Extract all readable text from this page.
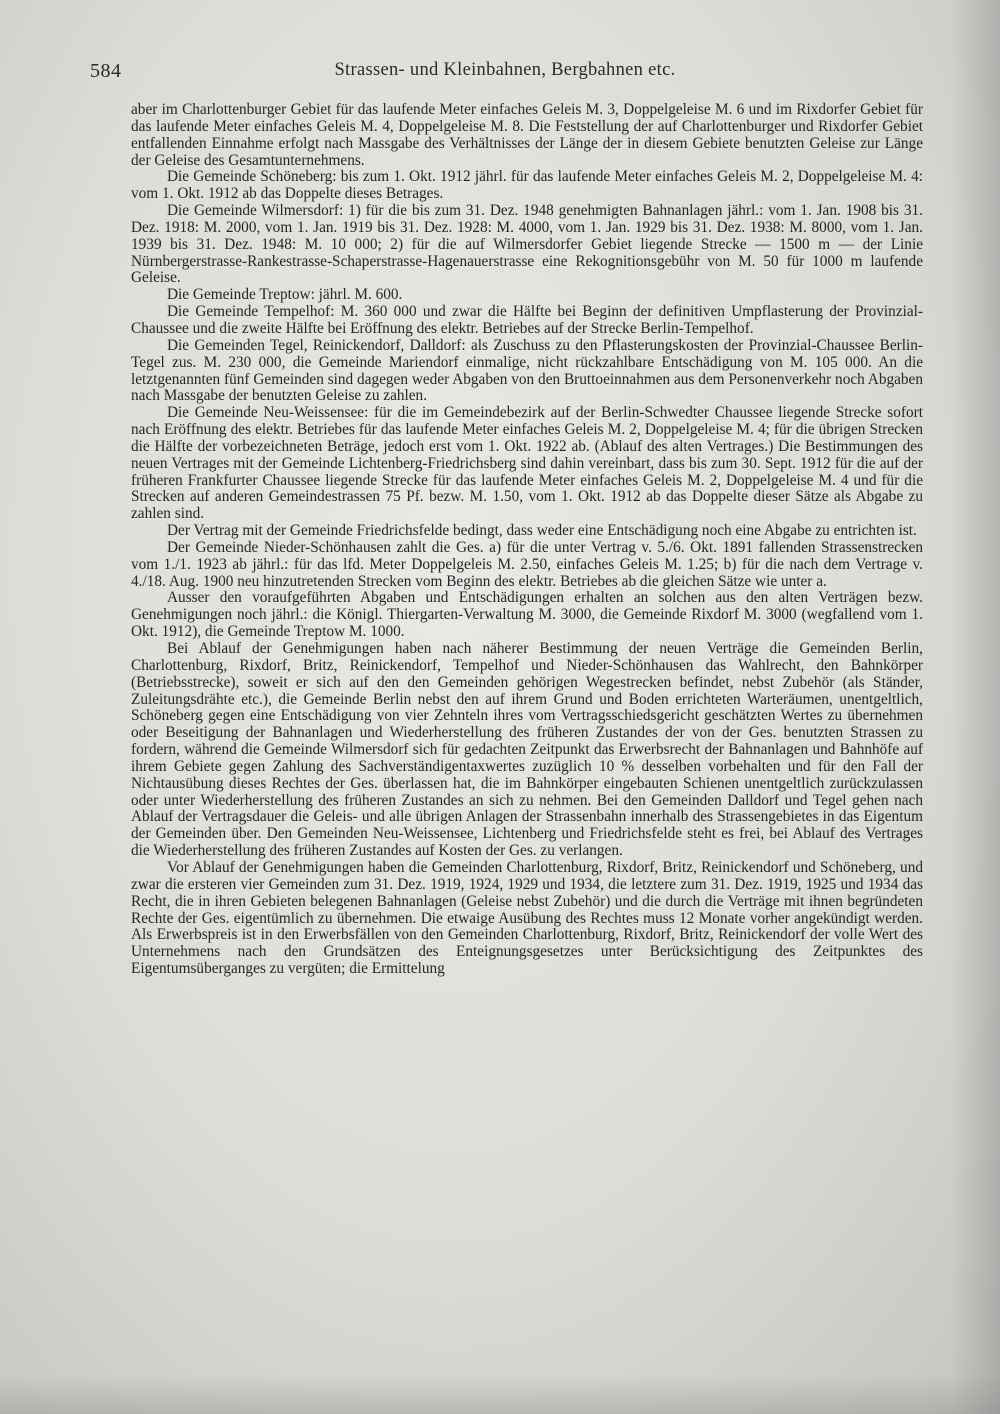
584	Strassen- und Kleinbahnen, Bergbahnen etc.

aber im Charlottenburger Gebiet für das laufende Meter einfaches Geleis M. 3, Doppelgeleise M. 6 und im Rixdorfer Gebiet für das laufende Meter einfaches Geleis M. 4, Doppelgeleise M. 8. Die Feststellung der auf Charlottenburger und Rixdorfer Gebiet entfallenden Einnahme erfolgt nach Massgabe des Verhältnisses der Länge der in diesem Gebiete benutzten Geleise zur Länge der Geleise des Gesamtunternehmens.

Die Gemeinde Schöneberg: bis zum 1. Okt. 1912 jährl. für das laufende Meter einfaches Geleis M. 2, Doppelgeleise M. 4: vom 1. Okt. 1912 ab das Doppelte dieses Betrages.

Die Gemeinde Wilmersdorf: 1) für die bis zum 31. Dez. 1948 genehmigten Bahnanlagen jährl.: vom 1. Jan. 1908 bis 31. Dez. 1918: M. 2000, vom 1. Jan. 1919 bis 31. Dez. 1928: M. 4000, vom 1. Jan. 1929 bis 31. Dez. 1938: M. 8000, vom 1. Jan. 1939 bis 31. Dez. 1948: M. 10 000; 2) für die auf Wilmersdorfer Gebiet liegende Strecke — 1500 m — der Linie Nürnbergerstrasse-Rankestrasse-Schaperstrasse-Hagenauerstrasse eine Rekognitionsgebühr von M. 50 für 1000 m laufende Geleise.

Die Gemeinde Treptow: jährl. M. 600.

Die Gemeinde Tempelhof: M. 360 000 und zwar die Hälfte bei Beginn der definitiven Umpflasterung der Provinzial-Chaussee und die zweite Hälfte bei Eröffnung des elektr. Betriebes auf der Strecke Berlin-Tempelhof.

Die Gemeinden Tegel, Reinickendorf, Dalldorf: als Zuschuss zu den Pflasterungskosten der Provinzial-Chaussee Berlin-Tegel zus. M. 230 000, die Gemeinde Mariendorf einmalige, nicht rückzahlbare Entschädigung von M. 105 000. An die letztgenannten fünf Gemeinden sind dagegen weder Abgaben von den Bruttoeinnahmen aus dem Personenverkehr noch Abgaben nach Massgabe der benutzten Geleise zu zahlen.

Die Gemeinde Neu-Weissensee: für die im Gemeindebezirk auf der Berlin-Schwedter Chaussee liegende Strecke sofort nach Eröffnung des elektr. Betriebes für das laufende Meter einfaches Geleis M. 2, Doppelgeleise M. 4; für die übrigen Strecken die Hälfte der vorbezeichneten Beträge, jedoch erst vom 1. Okt. 1922 ab. (Ablauf des alten Vertrages.) Die Bestimmungen des neuen Vertrages mit der Gemeinde Lichtenberg-Friedrichsberg sind dahin vereinbart, dass bis zum 30. Sept. 1912 für die auf der früheren Frankfurter Chaussee liegende Strecke für das laufende Meter einfaches Geleis M. 2, Doppelgeleise M. 4 und für die Strecken auf anderen Gemeindestrassen 75 Pf. bezw. M. 1.50, vom 1. Okt. 1912 ab das Doppelte dieser Sätze als Abgabe zu zahlen sind.

Der Vertrag mit der Gemeinde Friedrichsfelde bedingt, dass weder eine Entschädigung noch eine Abgabe zu entrichten ist.

Der Gemeinde Nieder-Schönhausen zahlt die Ges. a) für die unter Vertrag v. 5./6. Okt. 1891 fallenden Strassenstrecken vom 1./1. 1923 ab jährl.: für das lfd. Meter Doppelgeleis M. 2.50, einfaches Geleis M. 1.25; b) für die nach dem Vertrage v. 4./18. Aug. 1900 neu hinzutretenden Strecken vom Beginn des elektr. Betriebes ab die gleichen Sätze wie unter a.

Ausser den voraufgeführten Abgaben und Entschädigungen erhalten an solchen aus den alten Verträgen bezw. Genehmigungen noch jährl.: die Königl. Thiergarten-Verwaltung M. 3000, die Gemeinde Rixdorf M. 3000 (wegfallend vom 1. Okt. 1912), die Gemeinde Treptow M. 1000.

Bei Ablauf der Genehmigungen haben nach näherer Bestimmung der neuen Verträge die Gemeinden Berlin, Charlottenburg, Rixdorf, Britz, Reinickendorf, Tempelhof und Nieder-Schönhausen das Wahlrecht, den Bahnkörper (Betriebsstrecke), soweit er sich auf den den Gemeinden gehörigen Wegestrecken befindet, nebst Zubehör (als Ständer, Zuleitungsdrähte etc.), die Gemeinde Berlin nebst den auf ihrem Grund und Boden errichteten Warteräumen, unentgeltlich, Schöneberg gegen eine Entschädigung von vier Zehnteln ihres vom Vertragsschiedsgericht geschätzten Wertes zu übernehmen oder Beseitigung der Bahnanlagen und Wiederherstellung des früheren Zustandes der von der Ges. benutzten Strassen zu fordern, während die Gemeinde Wilmersdorf sich für gedachten Zeitpunkt das Erwerbsrecht der Bahnanlagen und Bahnhöfe auf ihrem Gebiete gegen Zahlung des Sachverständigentaxwertes zuzüglich 10 % desselben vorbehalten und für den Fall der Nichtausübung dieses Rechtes der Ges. überlassen hat, die im Bahnkörper eingebauten Schienen unentgeltlich zurückzulassen oder unter Wiederherstellung des früheren Zustandes an sich zu nehmen. Bei den Gemeinden Dalldorf und Tegel gehen nach Ablauf der Vertragsdauer die Geleis- und alle übrigen Anlagen der Strassenbahn innerhalb des Strassengebietes in das Eigentum der Gemeinden über. Den Gemeinden Neu-Weissensee, Lichtenberg und Friedrichsfelde steht es frei, bei Ablauf des Vertrages die Wiederherstellung des früheren Zustandes auf Kosten der Ges. zu verlangen.

Vor Ablauf der Genehmigungen haben die Gemeinden Charlottenburg, Rixdorf, Britz, Reinickendorf und Schöneberg, und zwar die ersteren vier Gemeinden zum 31. Dez. 1919, 1924, 1929 und 1934, die letztere zum 31. Dez. 1919, 1925 und 1934 das Recht, die in ihren Gebieten belegenen Bahnanlagen (Geleise nebst Zubehör) und die durch die Verträge mit ihnen begründeten Rechte der Ges. eigentümlich zu übernehmen. Die etwaige Ausübung des Rechtes muss 12 Monate vorher angekündigt werden. Als Erwerbspreis ist in den Erwerbsfällen von den Gemeinden Charlottenburg, Rixdorf, Britz, Reinickendorf der volle Wert des Unternehmens nach den Grundsätzen des Enteignungsgesetzes unter Berücksichtigung des Zeitpunktes des Eigentumsüberganges zu vergüten; die Ermittelung
